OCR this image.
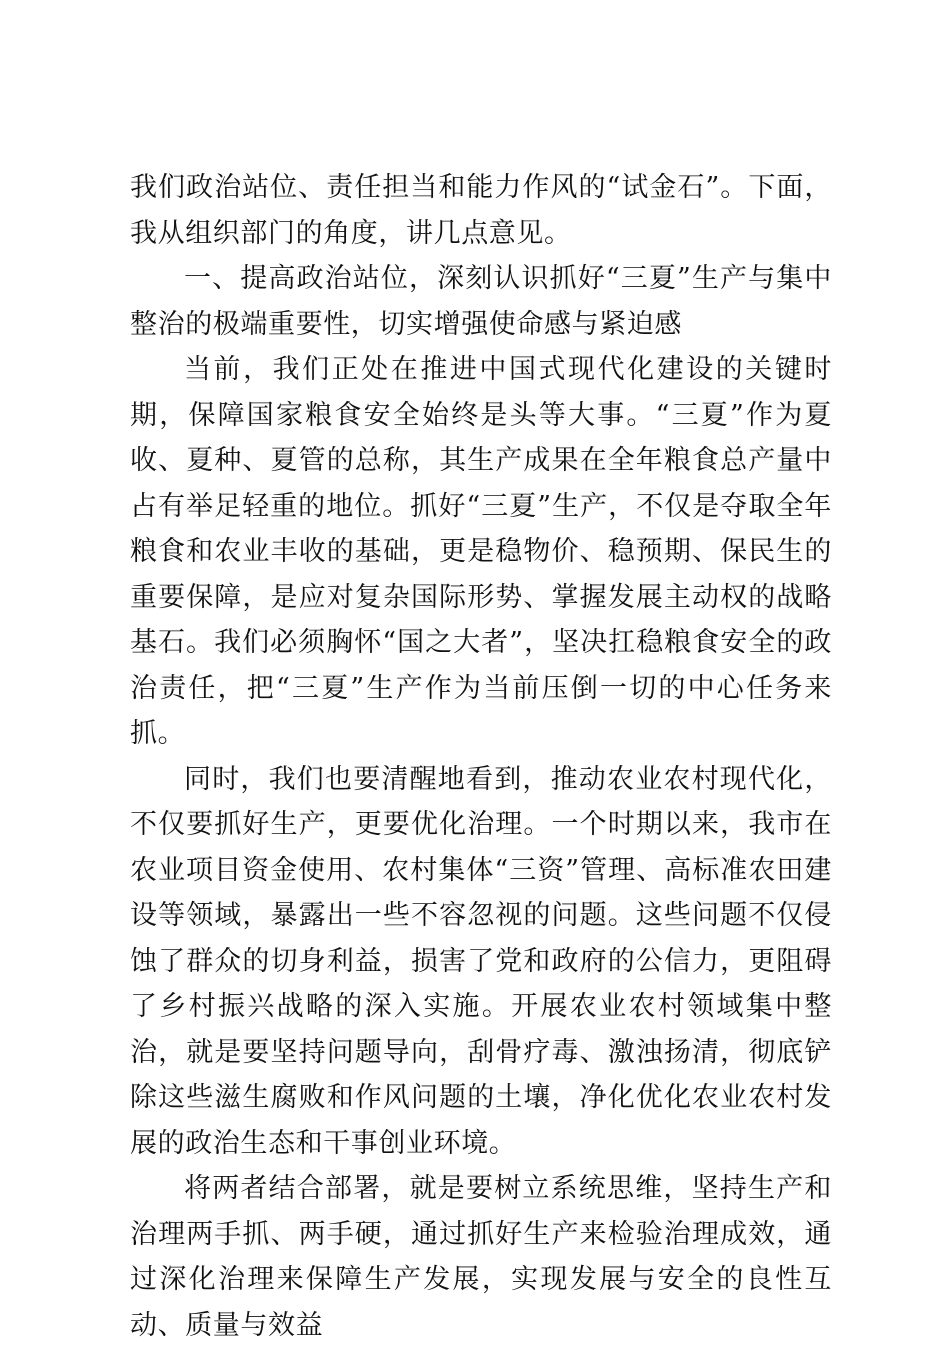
我们政治站位、责任担当和能力作风的“试金石”。下面，我从组织部门的角度，讲几点意见。

一、提高政治站位，深刻认识抓好“三夏”生产与集中整治的极端重要性，切实增强使命感与紧迫感

当前，我们正处在推进中国式现代化建设的关键时期，保障国家粮食安全始终是头等大事。“三夏”作为夏收、夏种、夏管的总称，其生产成果在全年粮食总产量中占有举足轻重的地位。抓好“三夏”生产，不仅是夺取全年粮食和农业丰收的基础，更是稳物价、稳预期、保民生的重要保障，是应对复杂国际形势、掌握发展主动权的战略基石。我们必须胸怀“国之大者”，坚决扛稳粮食安全的政治责任，把“三夏”生产作为当前压倒一切的中心任务来抓。

同时，我们也要清醒地看到，推动农业农村现代化，不仅要抓好生产，更要优化治理。一个时期以来，我市在农业项目资金使用、农村集体“三资”管理、高标准农田建设等领域，暴露出一些不容忽视的问题。这些问题不仅侵蚀了群众的切身利益，损害了党和政府的公信力，更阻碍了乡村振兴战略的深入实施。开展农业农村领域集中整治，就是要坚持问题导向，刮骨疗毒、激浊扬清，彻底铲除这些滋生腐败和作风问题的土壤，净化优化农业农村发展的政治生态和干事创业环境。

将两者结合部署，就是要树立系统思维，坚持生产和治理两手抓、两手硬，通过抓好生产来检验治理成效，通过深化治理来保障生产发展，实现发展与安全的良性互动、质量与效益
